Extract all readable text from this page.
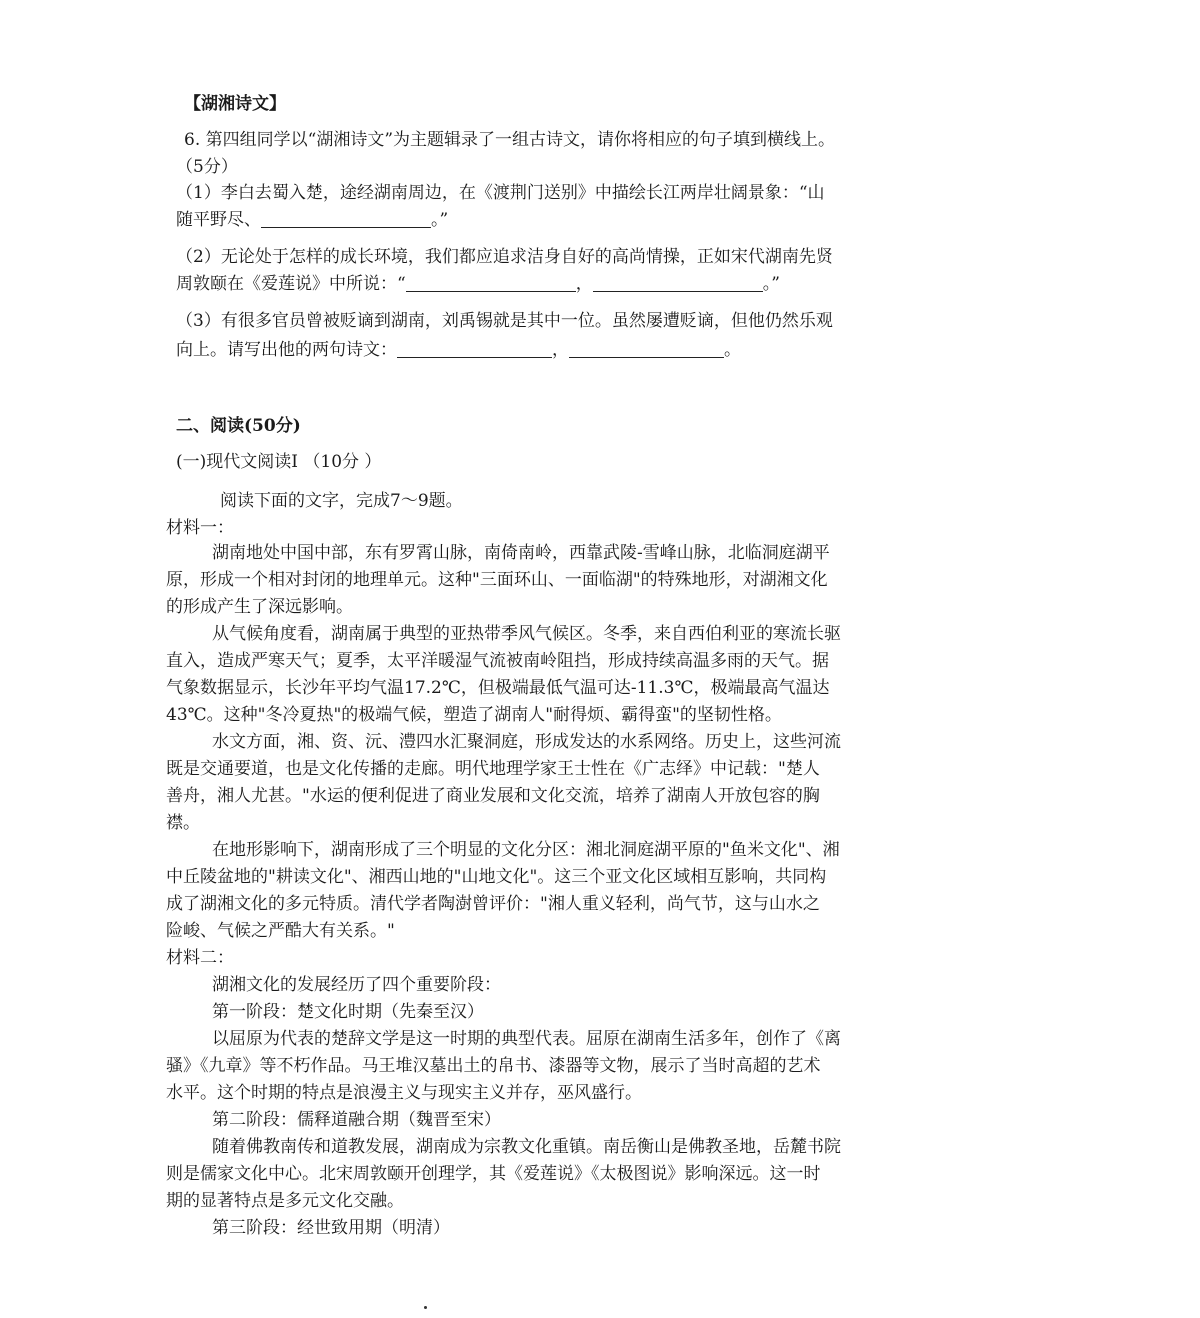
【湖湘诗文】
6. 第四组同学以“湖湘诗文”为主题辑录了一组古诗文，请你将相应的句子填到横线上。
（5分）
（1）李白去蜀入楚，途经湖南周边，在《渡荆门送别》中描绘长江两岸壮阔景象：“山
随平野尽、	。”
（2）无论处于怎样的成长环境，我们都应追求洁身自好的高尚情操，正如宋代湖南先贤
周敦颐在《爱莲说》中所说：“	，	。”
（3）有很多官员曾被贬谪到湖南，刘禹锡就是其中一位。虽然屡遭贬谪，但他仍然乐观
向上。请写出他的两句诗文：	，	。
二、阅读(50分)
(一)现代文阅读Ⅰ （10分 ）
阅读下面的文字，完成7～9题。
材料一：
湖南地处中国中部，东有罗霄山脉，南倚南岭，西靠武陵-雪峰山脉，北临洞庭湖平
原，形成一个相对封闭的地理单元。这种"三面环山、一面临湖"的特殊地形，对湖湘文化
的形成产生了深远影响。
从气候角度看，湖南属于典型的亚热带季风气候区。冬季，来自西伯利亚的寒流长驱
直入，造成严寒天气；夏季，太平洋暖湿气流被南岭阻挡，形成持续高温多雨的天气。据
气象数据显示，长沙年平均气温17.2℃，但极端最低气温可达-11.3℃，极端最高气温达
43℃。这种"冬冷夏热"的极端气候，塑造了湖南人"耐得烦、霸得蛮"的坚韧性格。
水文方面，湘、资、沅、澧四水汇聚洞庭，形成发达的水系网络。历史上，这些河流
既是交通要道，也是文化传播的走廊。明代地理学家王士性在《广志绎》中记载："楚人
善舟，湘人尤甚。"水运的便利促进了商业发展和文化交流，培养了湖南人开放包容的胸
襟。
在地形影响下，湖南形成了三个明显的文化分区：湘北洞庭湖平原的"鱼米文化"、湘
中丘陵盆地的"耕读文化"、湘西山地的"山地文化"。这三个亚文化区域相互影响，共同构
成了湖湘文化的多元特质。清代学者陶澍曾评价："湘人重义轻利，尚气节，这与山水之
险峻、气候之严酷大有关系。"
材料二：
湖湘文化的发展经历了四个重要阶段：
第一阶段：楚文化时期（先秦至汉）
以屈原为代表的楚辞文学是这一时期的典型代表。屈原在湖南生活多年，创作了《离
骚》《九章》等不朽作品。马王堆汉墓出土的帛书、漆器等文物，展示了当时高超的艺术
水平。这个时期的特点是浪漫主义与现实主义并存，巫风盛行。
第二阶段：儒释道融合期（魏晋至宋）
随着佛教南传和道教发展，湖南成为宗教文化重镇。南岳衡山是佛教圣地，岳麓书院
则是儒家文化中心。北宋周敦颐开创理学，其《爱莲说》《太极图说》影响深远。这一时
期的显著特点是多元文化交融。
第三阶段：经世致用期（明清）
